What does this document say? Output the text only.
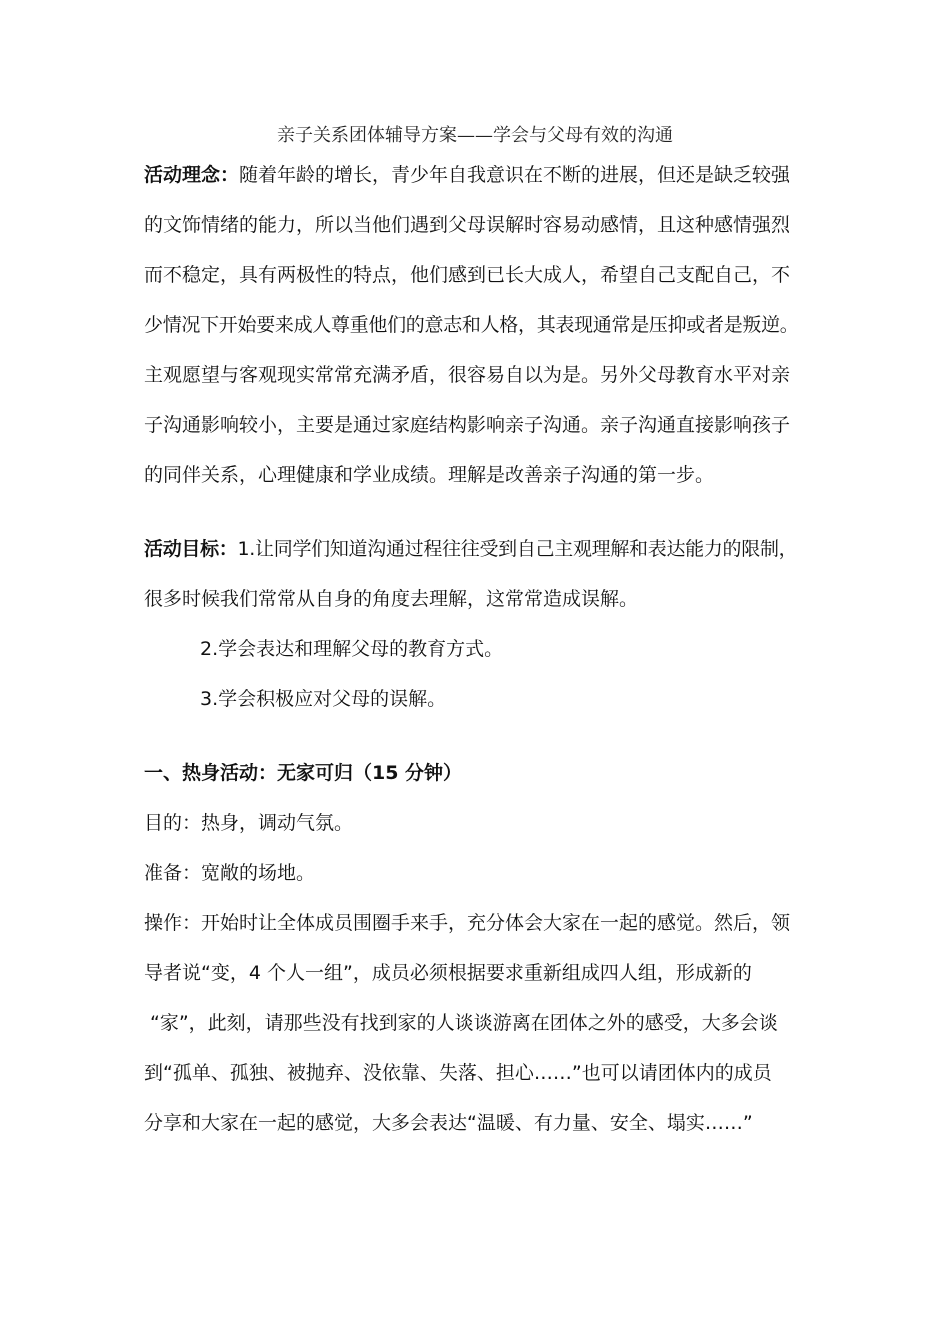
亲子关系团体辅导方案——学会与父母有效的沟通
活动理念：随着年龄的增长，青少年自我意识在不断的进展，但还是缺乏较强
的文饰情绪的能力，所以当他们遇到父母误解时容易动感情，且这种感情强烈
而不稳定，具有两极性的特点，他们感到已长大成人，希望自己支配自己，不
少情况下开始要来成人尊重他们的意志和人格，其表现通常是压抑或者是叛逆。
主观愿望与客观现实常常充满矛盾，很容易自以为是。另外父母教育水平对亲
子沟通影响较小，主要是通过家庭结构影响亲子沟通。亲子沟通直接影响孩子
的同伴关系，心理健康和学业成绩。理解是改善亲子沟通的第一步。
活动目标：1.让同学们知道沟通过程往往受到自己主观理解和表达能力的限制，
很多时候我们常常从自身的角度去理解，这常常造成误解。
2.学会表达和理解父母的教育方式。
3.学会积极应对父母的误解。
一、热身活动：无家可归（15 分钟）
目的：热身，调动气氛。
准备：宽敞的场地。
操作：开始时让全体成员围圈手来手，充分体会大家在一起的感觉。然后，领
导者说“变，4 个人一组”，成员必须根据要求重新组成四人组，形成新的
“家”，此刻，请那些没有找到家的人谈谈游离在团体之外的感受，大多会谈
到“孤单、孤独、被抛弃、没依靠、失落、担心……”也可以请团体内的成员
分享和大家在一起的感觉，大多会表达“温暖、有力量、安全、塌实……”
